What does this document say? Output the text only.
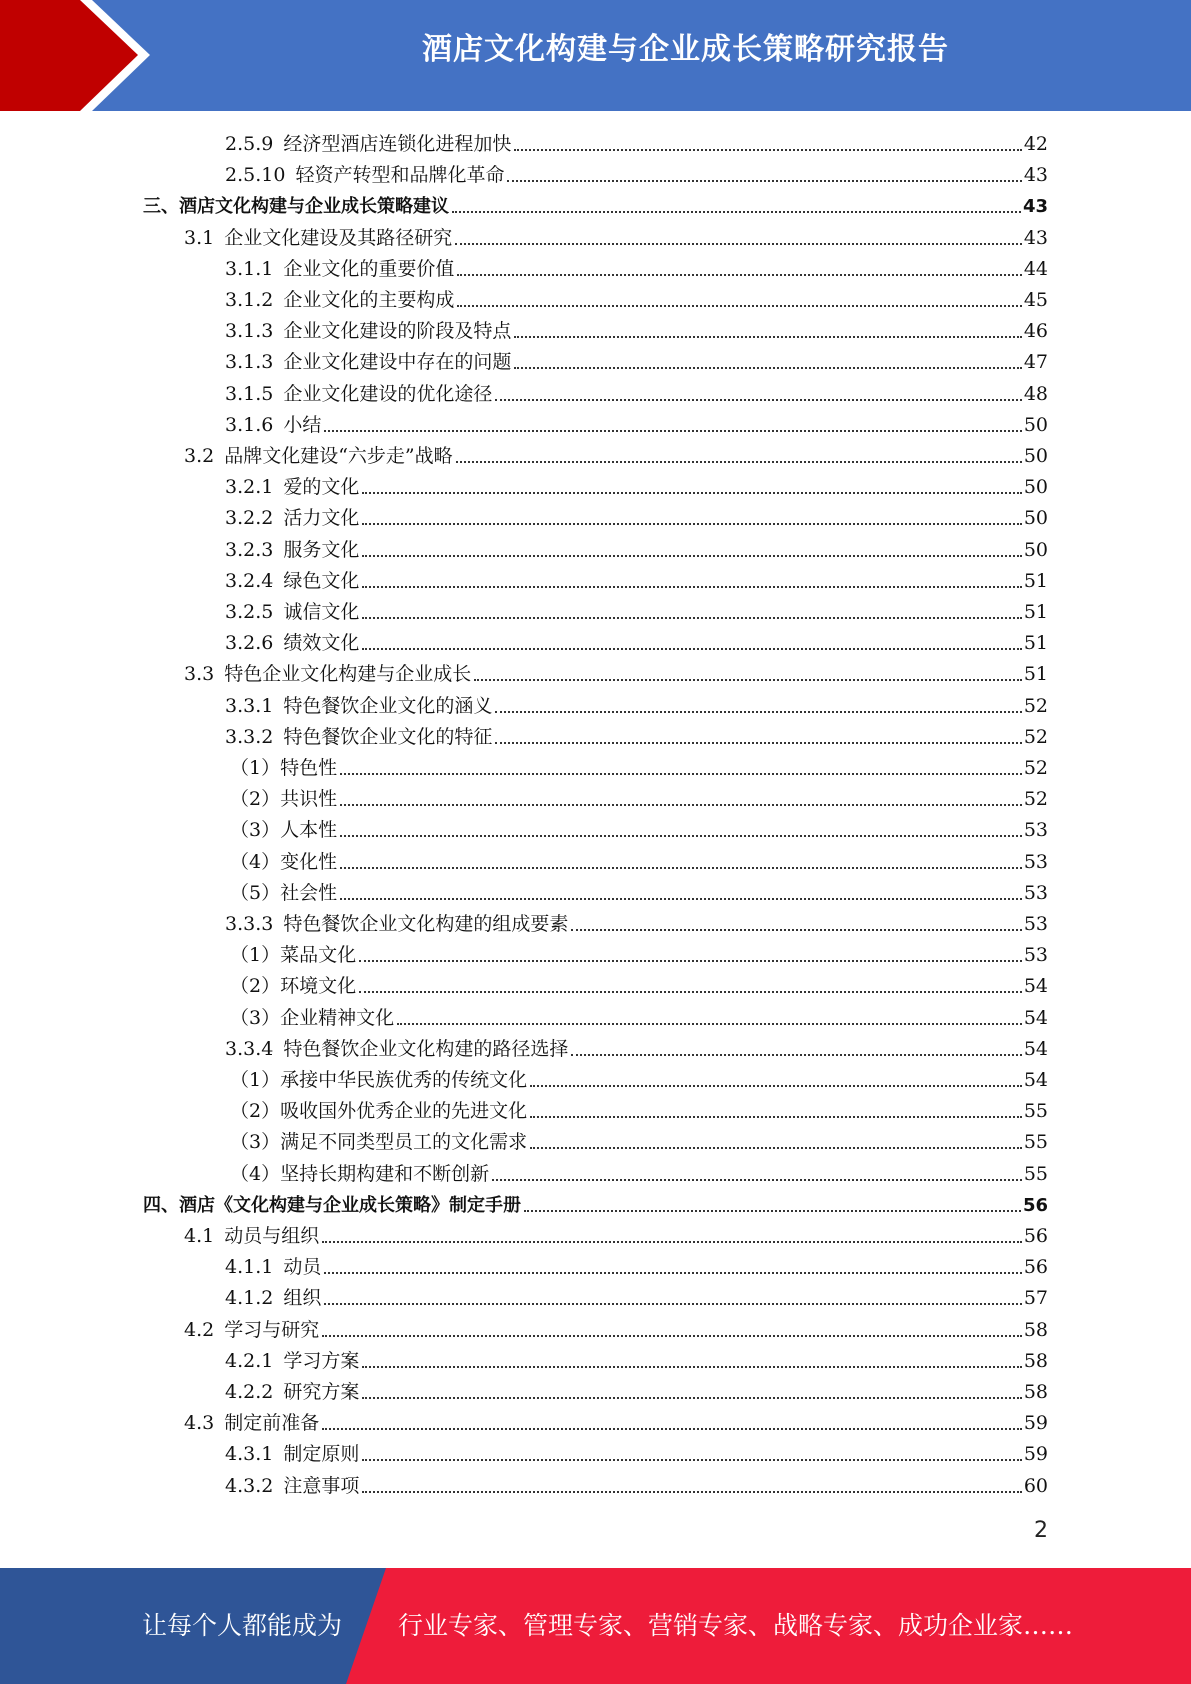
酒店文化构建与企业成长策略研究报告
2.5.9 经济型酒店连锁化进程加快	42
2.5.10 轻资产转型和品牌化革命	43
三、酒店文化构建与企业成长策略建议	43
3.1 企业文化建设及其路径研究	43
3.1.1 企业文化的重要价值	44
3.1.2 企业文化的主要构成	45
3.1.3 企业文化建设的阶段及特点	46
3.1.3 企业文化建设中存在的问题	47
3.1.5 企业文化建设的优化途径	48
3.1.6 小结	50
3.2 品牌文化建设“六步走”战略	50
3.2.1 爱的文化	50
3.2.2 活力文化	50
3.2.3 服务文化	50
3.2.4 绿色文化	51
3.2.5 诚信文化	51
3.2.6 绩效文化	51
3.3 特色企业文化构建与企业成长	51
3.3.1 特色餐饮企业文化的涵义	52
3.3.2 特色餐饮企业文化的特征	52
（1）特色性	52
（2）共识性	52
（3）人本性	53
（4）变化性	53
（5）社会性	53
3.3.3 特色餐饮企业文化构建的组成要素	53
（1）菜品文化	53
（2）环境文化	54
（3）企业精神文化	54
3.3.4 特色餐饮企业文化构建的路径选择	54
（1）承接中华民族优秀的传统文化	54
（2）吸收国外优秀企业的先进文化	55
（3）满足不同类型员工的文化需求	55
（4）坚持长期构建和不断创新	55
四、酒店《文化构建与企业成长策略》制定手册	56
4.1 动员与组织	56
4.1.1 动员	56
4.1.2 组织	57
4.2 学习与研究	58
4.2.1 学习方案	58
4.2.2 研究方案	58
4.3 制定前准备	59
4.3.1 制定原则	59
4.3.2 注意事项	60
2
让每个人都能成为 行业专家、管理专家、营销专家、战略专家、成功企业家……
